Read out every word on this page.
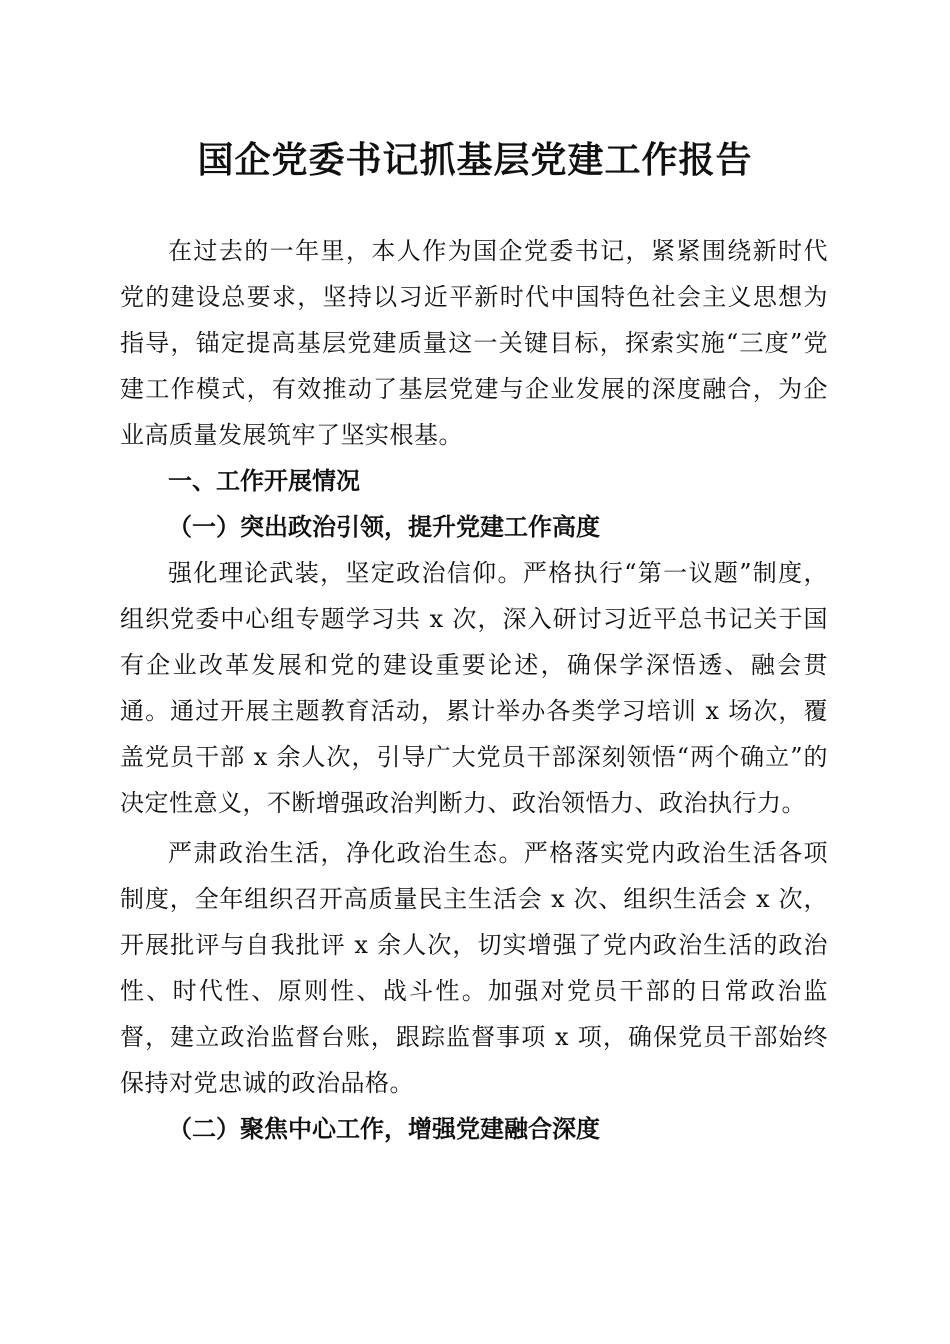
国企党委书记抓基层党建工作报告

在过去的一年里，本人作为国企党委书记，紧紧围绕新时代党的建设总要求，坚持以习近平新时代中国特色社会主义思想为指导，锚定提高基层党建质量这一关键目标，探索实施“三度”党建工作模式，有效推动了基层党建与企业发展的深度融合，为企业高质量发展筑牢了坚实根基。

一、工作开展情况

（一）突出政治引领，提升党建工作高度

强化理论武装，坚定政治信仰。严格执行“第一议题”制度，组织党委中心组专题学习共 x 次，深入研讨习近平总书记关于国有企业改革发展和党的建设重要论述，确保学深悟透、融会贯通。通过开展主题教育活动，累计举办各类学习培训 x 场次，覆盖党员干部 x 余人次，引导广大党员干部深刻领悟“两个确立”的决定性意义，不断增强政治判断力、政治领悟力、政治执行力。

严肃政治生活，净化政治生态。严格落实党内政治生活各项制度，全年组织召开高质量民主生活会 x 次、组织生活会 x 次，开展批评与自我批评 x 余人次，切实增强了党内政治生活的政治性、时代性、原则性、战斗性。加强对党员干部的日常政治监督，建立政治监督台账，跟踪监督事项 x 项，确保党员干部始终保持对党忠诚的政治品格。

（二）聚焦中心工作，增强党建融合深度
